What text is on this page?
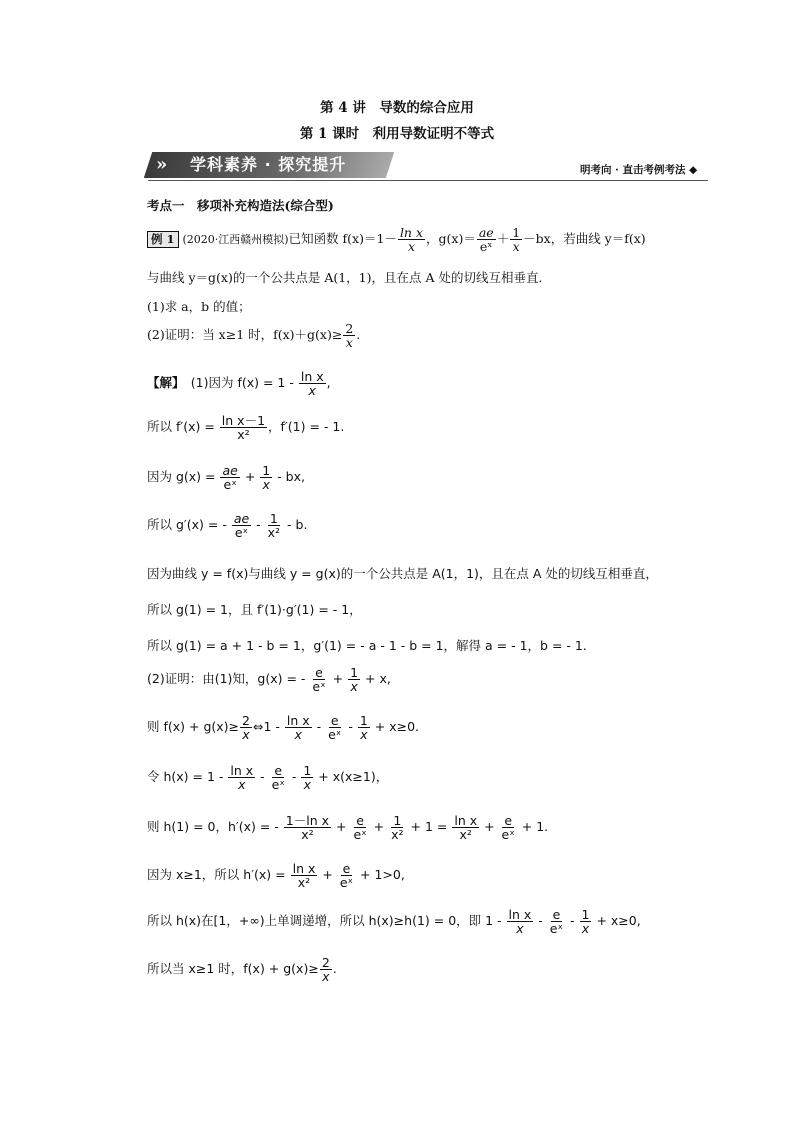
第 4 讲　导数的综合应用
第 1 课时　利用导数证明不等式
»	学科素养 · 探究提升	明考向 · 直击考例考法 ◆
考点一　移项补充构造法(综合型)
例 1 (2020·江西赣州模拟)已知函数 $f(x)=1- \frac{\text{ln x}}{x}$ ，$g(x)= \frac{ae}{\text{eˣ}} + \frac{1}{x} -bx$，若曲线 y＝f(x)
与曲线 y＝g(x)的一个公共点是 A(1，1)，且在点 A 处的切线互相垂直．
(1)求 a，b 的值；
(2)证明：当 x≥1 时，$f(x)+g(x)\ge \frac{2}{x}$ .
【解】　 (1)因为 $f(x) = 1 - \frac{\text{ln x}}{x}$ ,
所以 $f'(x) = \frac{\text{ln x－1}}{\text{x²}}$ ，f′(1) = - 1.
因为 $g(x) = \frac{ae}{\text{eˣ}} + \frac{1}{x}$ - bx,
所以 g′(x) = - $\frac{ae}{\text{eˣ}} - \frac{1}{\text{x²}}$ - b.
因为曲线 y = f(x)与曲线 y = g(x)的一个公共点是 A(1，1)，且在点 A 处的切线互相垂直，
所以 g(1) = 1，且 f′(1)·g′(1) = - 1，
所以 g(1) = a + 1 - b = 1，g′(1) = - a - 1 - b = 1，解得 a = - 1，b = - 1.
(2)证明：由(1)知，g(x) = - $\frac{e}{\text{eˣ}} + \frac{1}{x} + x$,
则 $f(x) + g(x)\ge \frac{2}{x}$ ⇔1 - $\frac{\text{ln x}}{x} - \frac{e}{\text{eˣ}} - \frac{1}{x} + x\ge 0$.
令 $h(x) = 1 - \frac{\text{ln x}}{x} - \frac{e}{\text{eˣ}} - \frac{1}{x} + x(x\ge 1)$，
则 h(1) = 0，h′(x) = - $\frac{\text{1－ln x}}{\text{x²}} + \frac{e}{\text{eˣ}} + \frac{1}{\text{x²}} + 1 = \frac{\text{ln x}}{\text{x²}} + \frac{e}{\text{eˣ}} + 1$.
因为 x≥1，所以 $h'(x) = \frac{\text{ln x}}{\text{x²}} + \frac{e}{\text{eˣ}} + 1>0$,
所以 h(x)在[1，+∞)上单调递增，所以 h(x)≥h(1) = 0，即 $1 - \frac{\text{ln x}}{x} - \frac{e}{\text{eˣ}} - \frac{1}{x} + x\ge 0$,
所以当 x≥1 时，$f(x) + g(x)\ge \frac{2}{x}$ .
